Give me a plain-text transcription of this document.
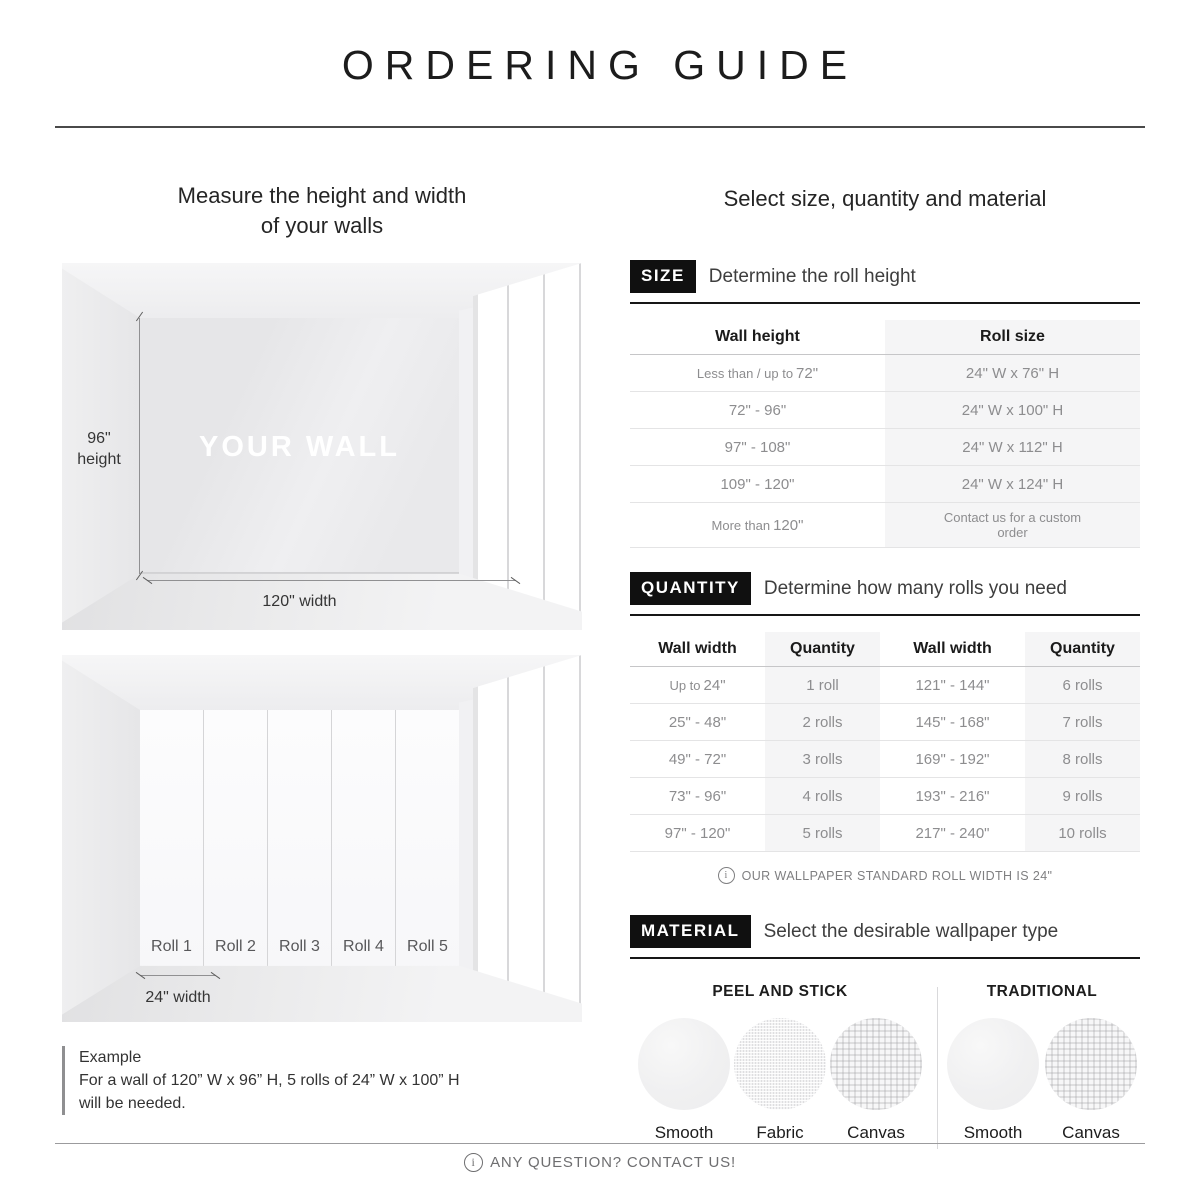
ORDERING GUIDE
Measure the height and width
of your walls
YOUR WALL
96"
height
120" width
Roll 1	Roll 2	Roll 3	Roll 4	Roll 5
24" width
Example
For a wall of 120” W x 96” H, 5 rolls of 24” W x 100” H
will be needed.
Select size, quantity and material
SIZE	Determine the roll height
Wall height	Roll size
Less than / up to 72"	24" W x 76" H
72" - 96"	24" W x 100" H
97" - 108"	24" W x 112" H
109" - 120"	24" W x 124" H
More than 120"	Contact us for a custom order
QUANTITY	Determine how many rolls you need
Wall width	Quantity	Wall width	Quantity
Up to 24"	1 roll	121" - 144"	6 rolls
25" - 48"	2 rolls	145" - 168"	7 rolls
49" - 72"	3 rolls	169" - 192"	8 rolls
73" - 96"	4 rolls	193" - 216"	9 rolls
97" - 120"	5 rolls	217" - 240"	10 rolls
i	OUR WALLPAPER STANDARD ROLL WIDTH IS 24"
MATERIAL	Select the desirable wallpaper type
PEEL AND STICK
Smooth	Fabric	Canvas
TRADITIONAL
Smooth	Canvas
i ANY QUESTION? CONTACT US!
